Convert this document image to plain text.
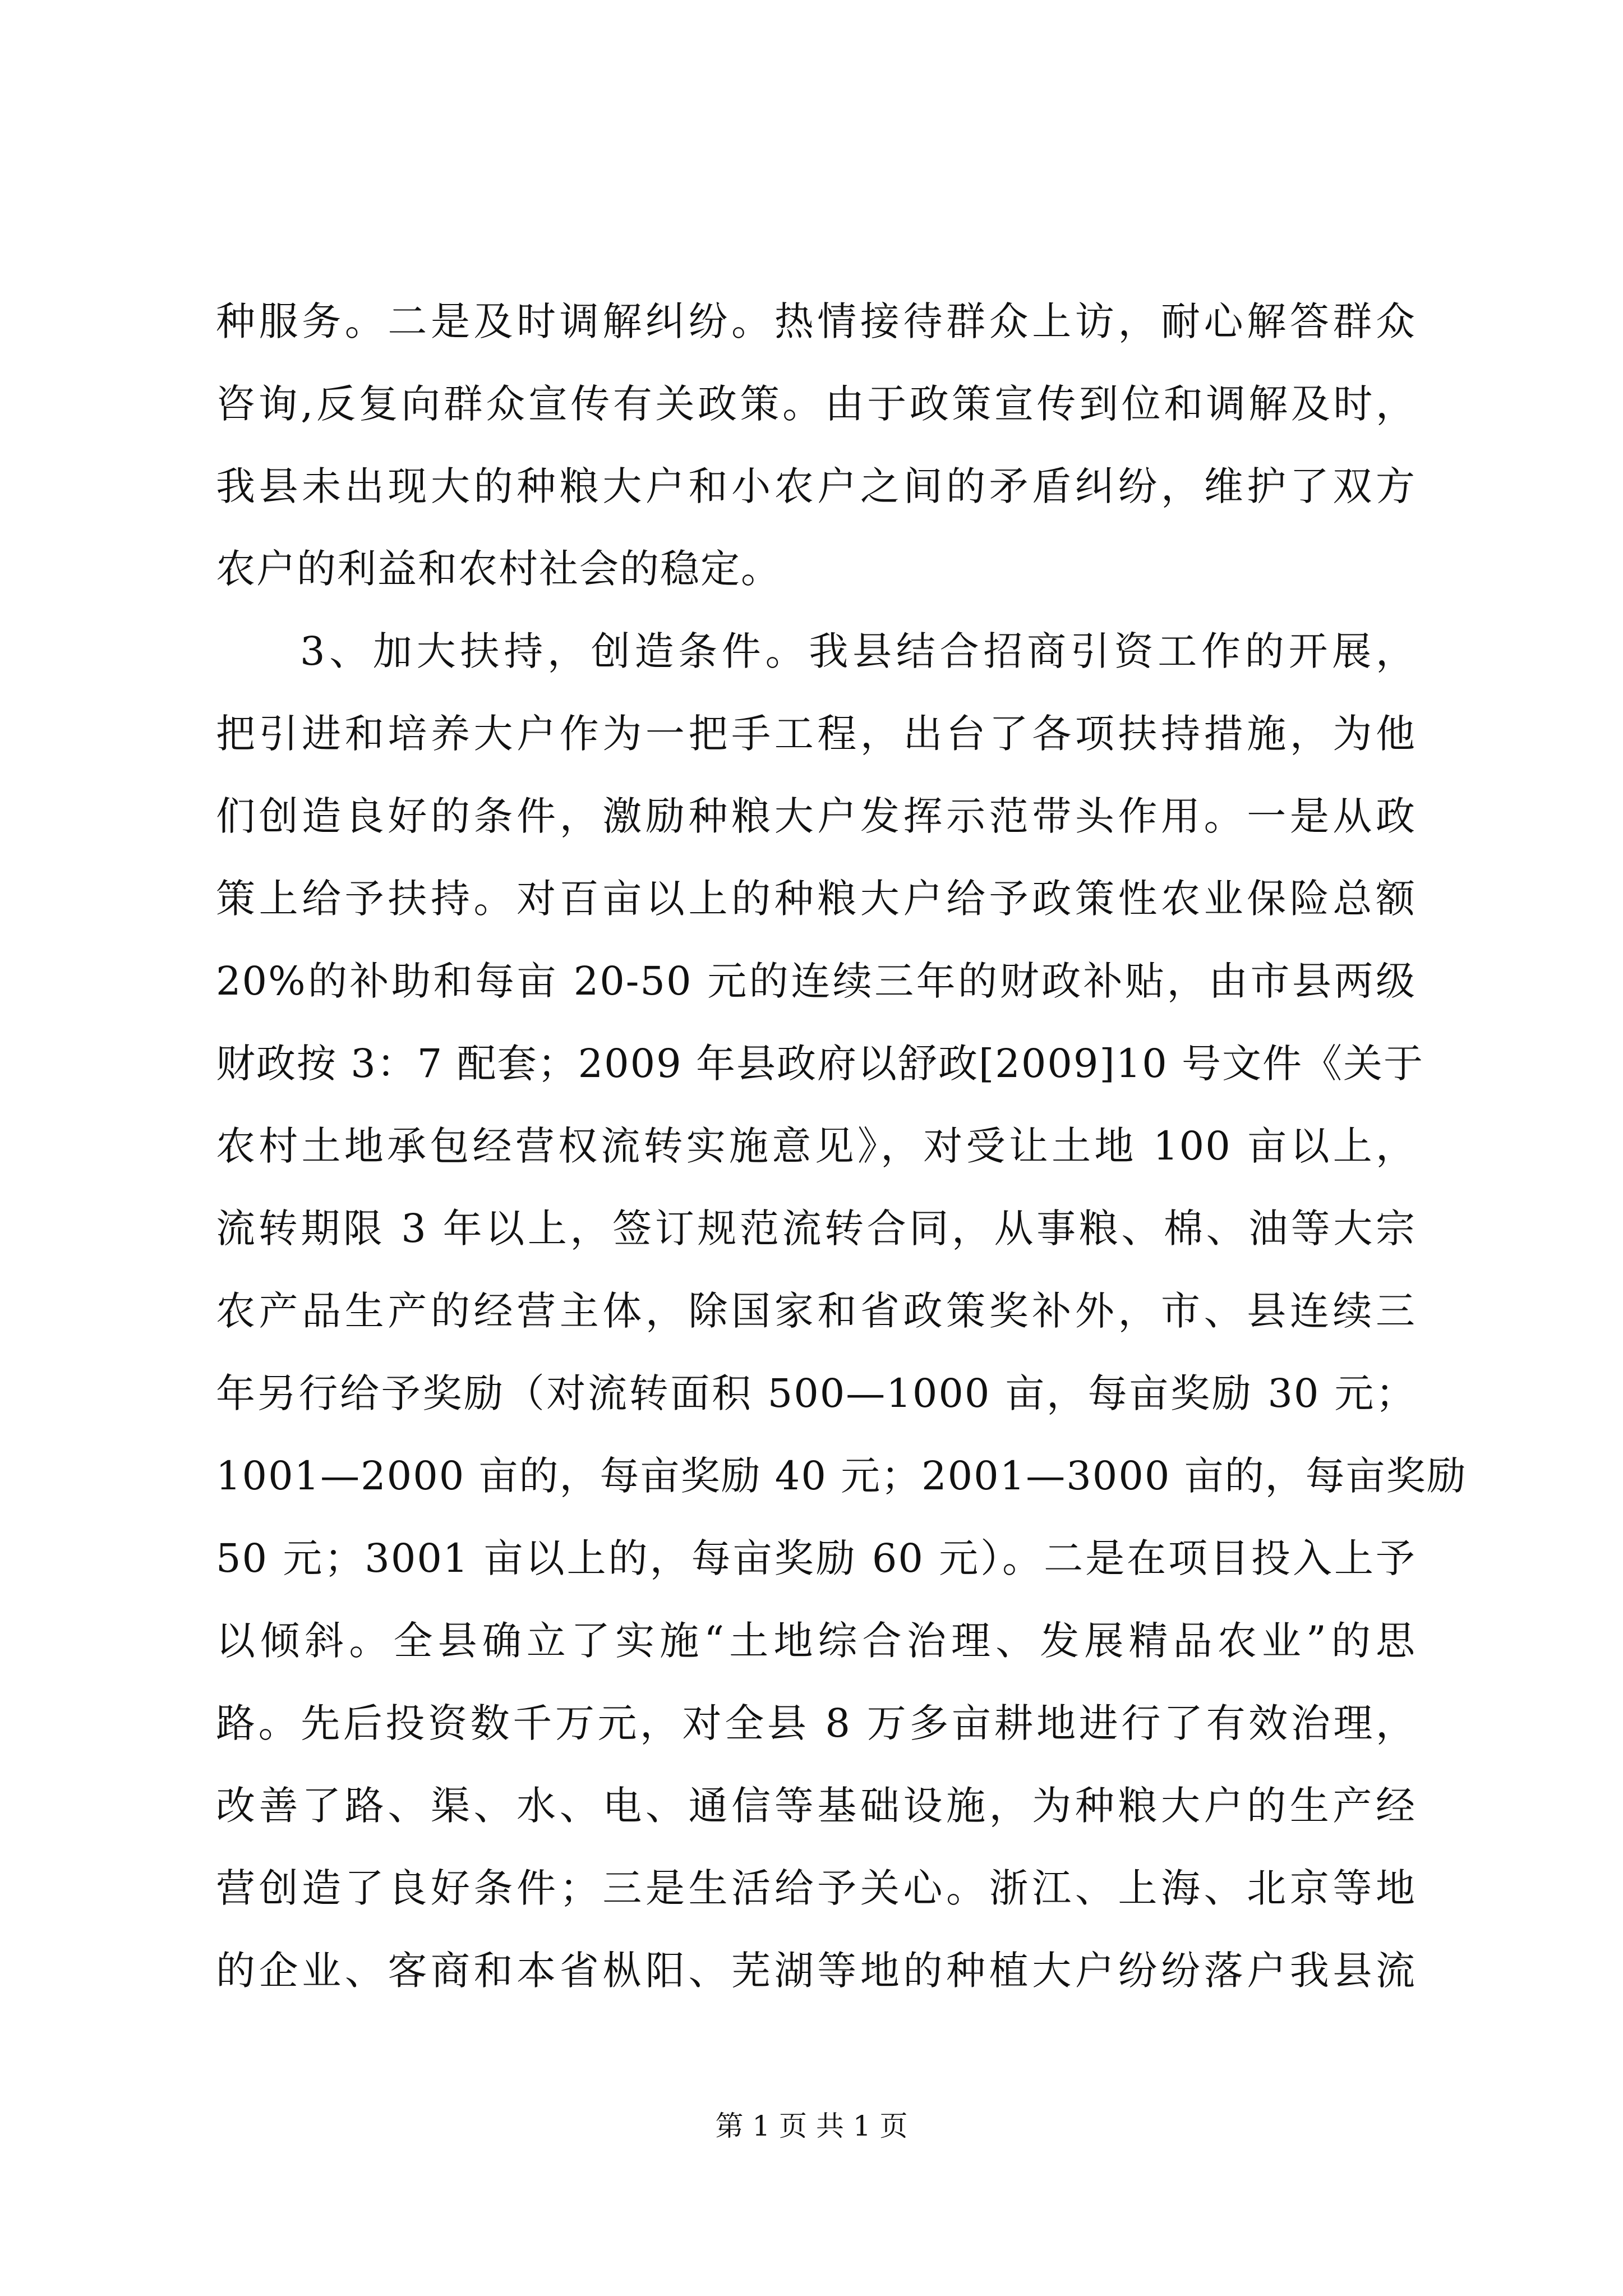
种服务。二是及时调解纠纷。热情接待群众上访，耐心解答群众
咨询,反复向群众宣传有关政策。由于政策宣传到位和调解及时，
我县未出现大的种粮大户和小农户之间的矛盾纠纷，维护了双方
农户的利益和农村社会的稳定。
3、加大扶持，创造条件。我县结合招商引资工作的开展，
把引进和培养大户作为一把手工程，出台了各项扶持措施，为他
们创造良好的条件，激励种粮大户发挥示范带头作用。一是从政
策上给予扶持。对百亩以上的种粮大户给予政策性农业保险总额
20%的补助和每亩 20-50 元的连续三年的财政补贴，由市县两级
财政按 3：7 配套；2009 年县政府以舒政[2009]10 号文件《关于
农村土地承包经营权流转实施意见》，对受让土地 100 亩以上，
流转期限 3 年以上，签订规范流转合同，从事粮、棉、油等大宗
农产品生产的经营主体，除国家和省政策奖补外，市、县连续三
年另行给予奖励（对流转面积 500—1000 亩，每亩奖励 30 元；
1001—2000 亩的，每亩奖励 40 元；2001—3000 亩的，每亩奖励
50 元；3001 亩以上的，每亩奖励 60 元）。二是在项目投入上予
以倾斜。全县确立了实施“土地综合治理、发展精品农业”的思
路。先后投资数千万元，对全县 8 万多亩耕地进行了有效治理，
改善了路、渠、水、电、通信等基础设施，为种粮大户的生产经
营创造了良好条件；三是生活给予关心。浙江、上海、北京等地
的企业、客商和本省枞阳、芜湖等地的种植大户纷纷落户我县流
第 1 页 共 1 页
